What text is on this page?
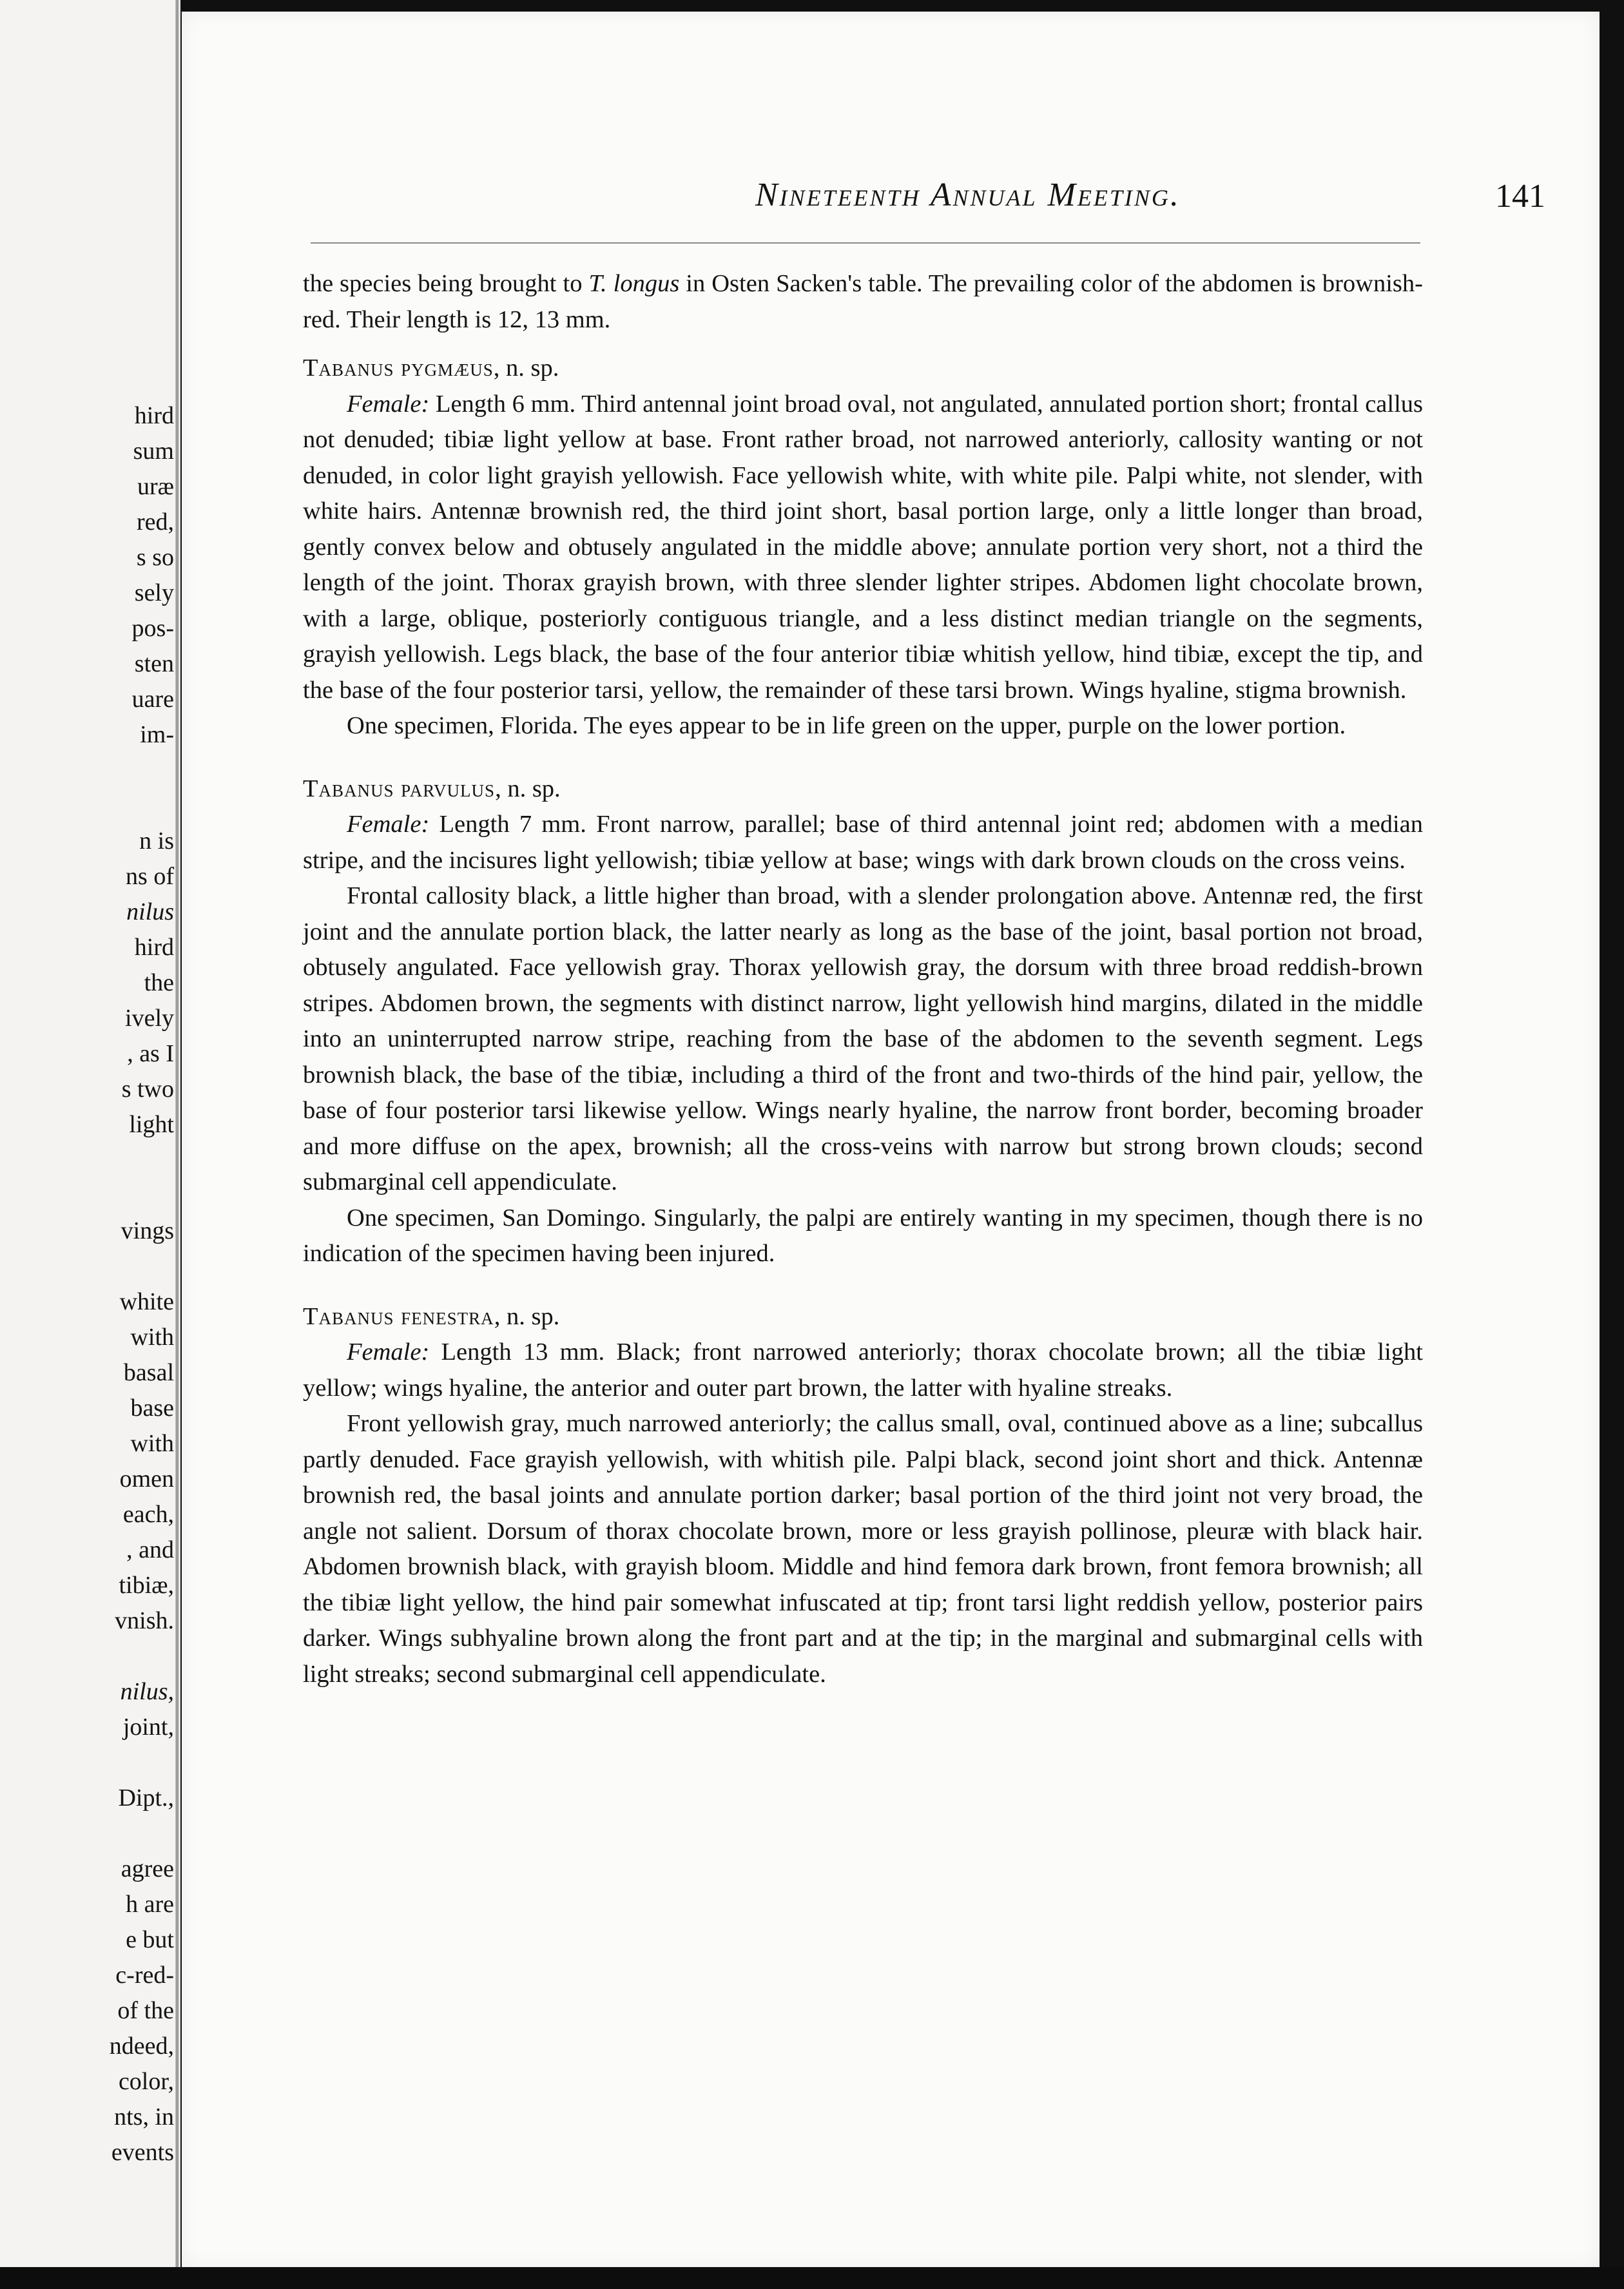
hird
sum
uræ
red,
s so
sely
pos-
sten
uare
im-
n is
ns of
nilus
hird
the
ively
, as I
s two
light
vings
white
with
basal
base
with
omen
each,
, and
tibiæ,
vnish.
nilus,
joint,
Dipt.,
agree
h are
e but
c-red-
of the
ndeed,
color,
nts, in
events
Nineteenth Annual Meeting.	141

the species being brought to T. longus in Osten Sacken's table. The prevailing color of the abdomen is brownish-red. Their length is 12, 13 mm.

Tabanus pygmæus, n. sp.

Female: Length 6 mm. Third antennal joint broad oval, not angulated, annulated portion short; frontal callus not denuded; tibiæ light yellow at base. Front rather broad, not narrowed anteriorly, callosity wanting or not denuded, in color light grayish yellowish. Face yellowish white, with white pile. Palpi white, not slender, with white hairs. Antennæ brownish red, the third joint short, basal portion large, only a little longer than broad, gently convex below and obtusely angulated in the middle above; annulate portion very short, not a third the length of the joint. Thorax grayish brown, with three slender lighter stripes. Abdomen light chocolate brown, with a large, oblique, posteriorly contiguous triangle, and a less distinct median triangle on the segments, grayish yellowish. Legs black, the base of the four anterior tibiæ whitish yellow, hind tibiæ, except the tip, and the base of the four posterior tarsi, yellow, the remainder of these tarsi brown. Wings hyaline, stigma brownish.

One specimen, Florida. The eyes appear to be in life green on the upper, purple on the lower portion.

Tabanus parvulus, n. sp.

Female: Length 7 mm. Front narrow, parallel; base of third antennal joint red; abdomen with a median stripe, and the incisures light yellowish; tibiæ yellow at base; wings with dark brown clouds on the cross veins.

Frontal callosity black, a little higher than broad, with a slender prolongation above. Antennæ red, the first joint and the annulate portion black, the latter nearly as long as the base of the joint, basal portion not broad, obtusely angulated. Face yellowish gray. Thorax yellowish gray, the dorsum with three broad reddish-brown stripes. Abdomen brown, the segments with distinct narrow, light yellowish hind margins, dilated in the middle into an uninterrupted narrow stripe, reaching from the base of the abdomen to the seventh segment. Legs brownish black, the base of the tibiæ, including a third of the front and two-thirds of the hind pair, yellow, the base of four posterior tarsi likewise yellow. Wings nearly hyaline, the narrow front border, becoming broader and more diffuse on the apex, brownish; all the cross-veins with narrow but strong brown clouds; second submarginal cell appendiculate.

One specimen, San Domingo. Singularly, the palpi are entirely wanting in my specimen, though there is no indication of the specimen having been injured.

Tabanus fenestra, n. sp.

Female: Length 13 mm. Black; front narrowed anteriorly; thorax chocolate brown; all the tibiæ light yellow; wings hyaline, the anterior and outer part brown, the latter with hyaline streaks.

Front yellowish gray, much narrowed anteriorly; the callus small, oval, continued above as a line; subcallus partly denuded. Face grayish yellowish, with whitish pile. Palpi black, second joint short and thick. Antennæ brownish red, the basal joints and annulate portion darker; basal portion of the third joint not very broad, the angle not salient. Dorsum of thorax chocolate brown, more or less grayish pollinose, pleuræ with black hair. Abdomen brownish black, with grayish bloom. Middle and hind femora dark brown, front femora brownish; all the tibiæ light yellow, the hind pair somewhat infuscated at tip; front tarsi light reddish yellow, posterior pairs darker. Wings subhyaline brown along the front part and at the tip; in the marginal and submarginal cells with light streaks; second submarginal cell appendiculate.
